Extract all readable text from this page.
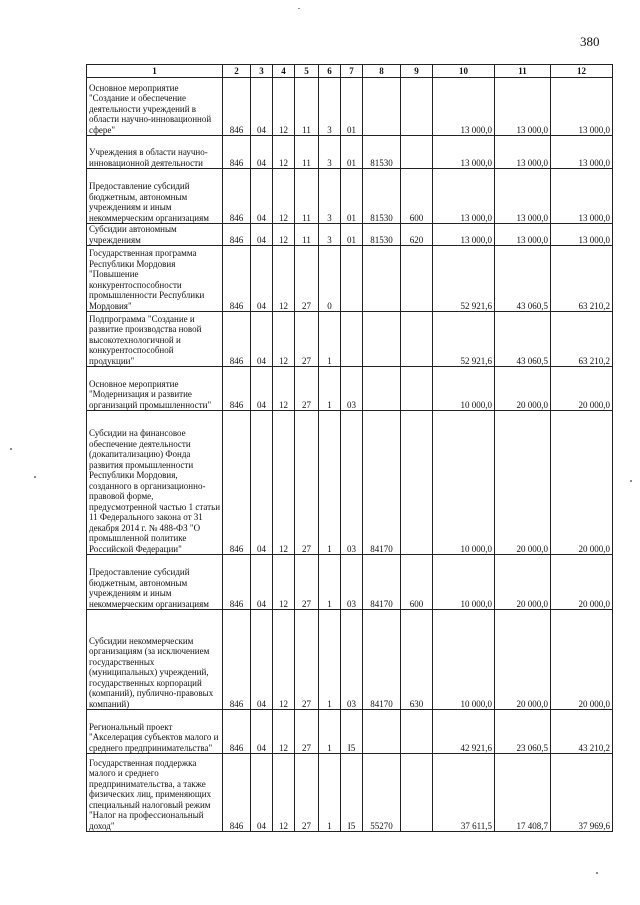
380
1	2	3	4	5	6	7	8	9	10	11	12
Основное мероприятие "Создание и обеспечение деятельности учреждений в области научно-инновационной сфере"	846	04	12	11	3	01			13 000,0	13 000,0	13 000,0
Учреждения в области научно-инновационной деятельности	846	04	12	11	3	01	81530		13 000,0	13 000,0	13 000,0
Предоставление субсидий бюджетным, автономным учреждениям и иным некоммерческим организациям	846	04	12	11	3	01	81530	600	13 000,0	13 000,0	13 000,0
Субсидии автономным учреждениям	846	04	12	11	3	01	81530	620	13 000,0	13 000,0	13 000,0
Государственная программа Республики Мордовия "Повышение конкурентоспособности промышленности Республики Мордовия"	846	04	12	27	0				52 921,6	43 060,5	63 210,2
Подпрограмма "Создание и развитие производства новой высокотехнологичной и конкурентоспособной продукции"	846	04	12	27	1				52 921,6	43 060,5	63 210,2
Основное мероприятие "Модернизация и развитие организаций промышленности"	846	04	12	27	1	03			10 000,0	20 000,0	20 000,0
Субсидии на финансовое обеспечение деятельности (докапитализацию) Фонда развития промышленности Республики Мордовия, созданного в организационно-правовой форме, предусмотренной частью 1 статьи 11 Федерального закона от 31 декабря 2014 г. № 488-ФЗ "О промышленной политике Российской Федерации"	846	04	12	27	1	03	84170		10 000,0	20 000,0	20 000,0
Предоставление субсидий бюджетным, автономным учреждениям и иным некоммерческим организациям	846	04	12	27	1	03	84170	600	10 000,0	20 000,0	20 000,0
Субсидии некоммерческим организациям (за исключением государственных (муниципальных) учреждений, государственных корпораций (компаний), публично-правовых компаний)	846	04	12	27	1	03	84170	630	10 000,0	20 000,0	20 000,0
Региональный проект "Акселерация субъектов малого и среднего предпринимательства"	846	04	12	27	1	I5			42 921,6	23 060,5	43 210,2
Государственная поддержка малого и среднего предпринимательства, а также физических лиц, применяющих специальный налоговый режим "Налог на профессиональный доход"	846	04	12	27	1	I5	55270		37 611,5	17 408,7	37 969,6
